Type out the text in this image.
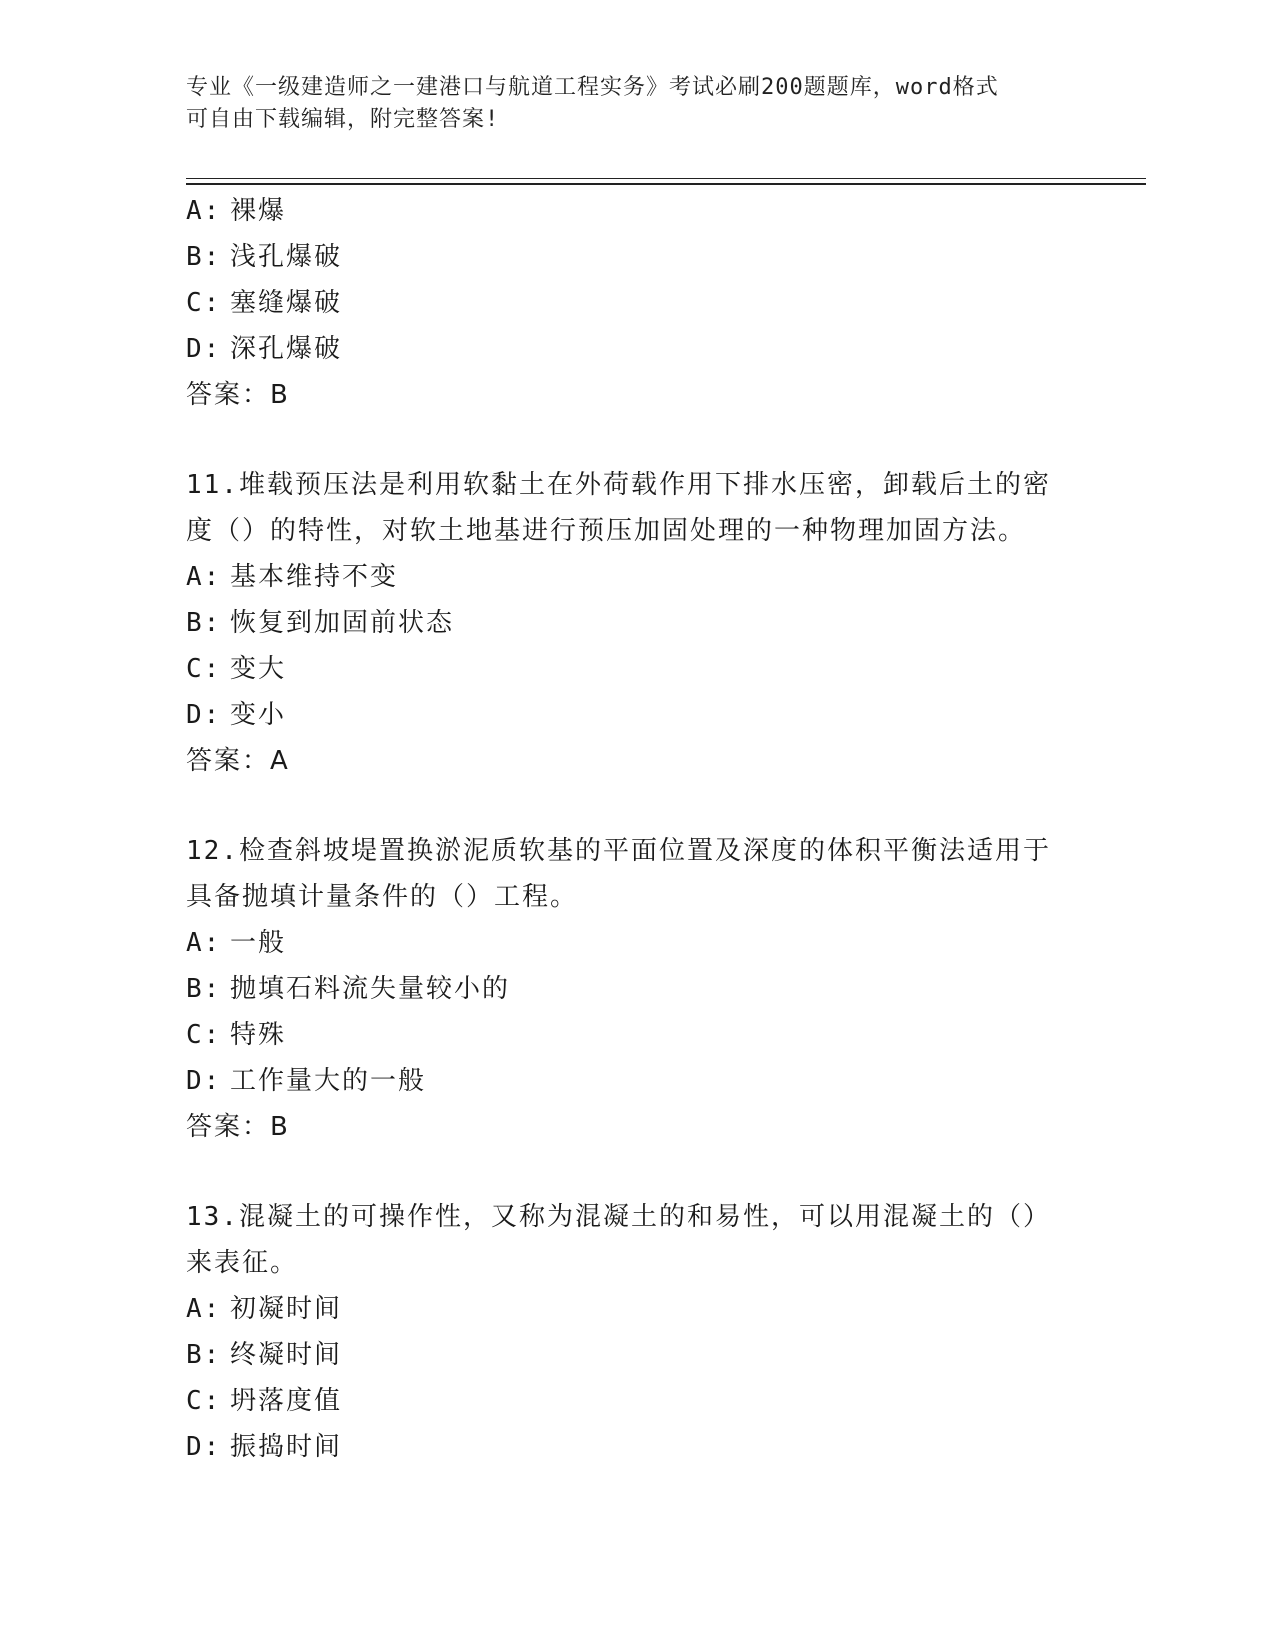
专业《一级建造师之一建港口与航道工程实务》考试必刷200题题库，word格式
可自由下载编辑，附完整答案!
A: 裸爆
B: 浅孔爆破
C: 塞缝爆破
D: 深孔爆破
答案：B
11.堆载预压法是利用软黏土在外荷载作用下排水压密，卸载后土的密度（）的特性，对软土地基进行预压加固处理的一种物理加固方法。
A: 基本维持不变
B: 恢复到加固前状态
C: 变大
D: 变小
答案：A
12.检查斜坡堤置换淤泥质软基的平面位置及深度的体积平衡法适用于具备抛填计量条件的（）工程。
A: 一般
B: 抛填石料流失量较小的
C: 特殊
D: 工作量大的一般
答案：B
13.混凝土的可操作性，又称为混凝土的和易性，可以用混凝土的（）来表征。
A: 初凝时间
B: 终凝时间
C: 坍落度值
D: 振捣时间
